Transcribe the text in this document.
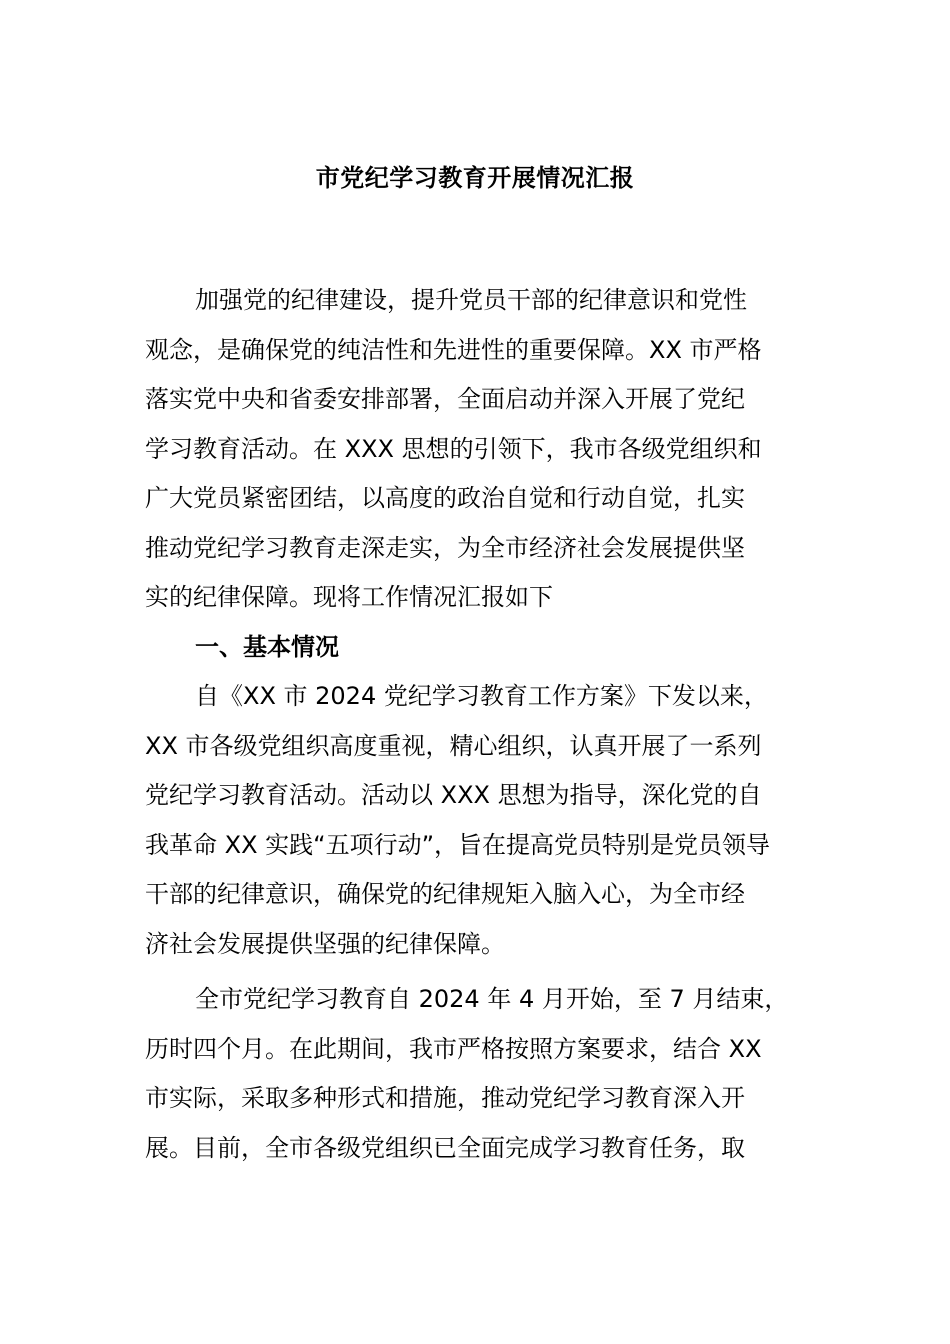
市党纪学习教育开展情况汇报
加强党的纪律建设，提升党员干部的纪律意识和党性
观念，是确保党的纯洁性和先进性的重要保障。XX 市严格
落实党中央和省委安排部署，全面启动并深入开展了党纪
学习教育活动。在 XXX 思想的引领下，我市各级党组织和
广大党员紧密团结，以高度的政治自觉和行动自觉，扎实
推动党纪学习教育走深走实，为全市经济社会发展提供坚
实的纪律保障。现将工作情况汇报如下
一、基本情况
自《XX 市 2024 党纪学习教育工作方案》下发以来，
XX 市各级党组织高度重视，精心组织，认真开展了一系列
党纪学习教育活动。活动以 XXX 思想为指导，深化党的自
我革命 XX 实践“五项行动”，旨在提高党员特别是党员领导
干部的纪律意识，确保党的纪律规矩入脑入心，为全市经
济社会发展提供坚强的纪律保障。
全市党纪学习教育自 2024 年 4 月开始，至 7 月结束，
历时四个月。在此期间，我市严格按照方案要求，结合 XX
市实际，采取多种形式和措施，推动党纪学习教育深入开
展。目前，全市各级党组织已全面完成学习教育任务，取
